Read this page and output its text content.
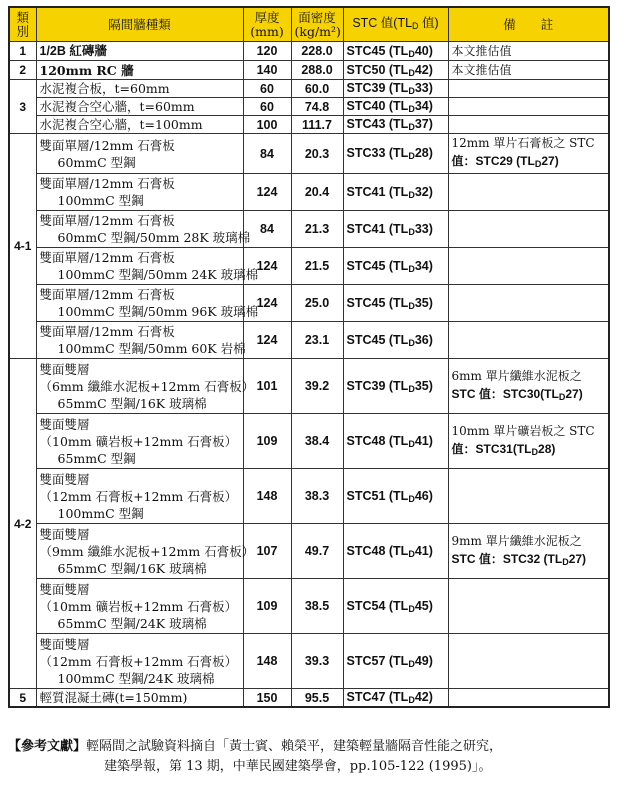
類
別	隔間牆種類	厚度
(mm)	面密度
(kg/m²)	STC 值($TL_D$ 值)	備　　註
1	1/2B 紅磚牆	120	228.0	STC45 $(TL_D40)$	本文推估值
2	120mm RC 牆	140	288.0	STC50 $(TL_D42)$	本文推估值
3	水泥複合板，t=60mm	60	60.0	STC39 $(TL_D33)$	

	水泥複合空心牆，t=60mm	60	74.8	STC40 $(TL_D34)$	

	水泥複合空心牆，t=100mm	100	111.7	STC43 $(TL_D37)$	
4-1	雙面單層/12mm 石膏板
60mmC 型鋼	84	20.3	STC33 $(TL_D28)$	12mm 單片石膏板之 STC
值：STC29 $(TL_D27)$

	雙面單層/12mm 石膏板
100mmC 型鋼	124	20.4	STC41 $(TL_D32)$	

	雙面單層/12mm 石膏板
60mmC 型鋼/50mm 28K 玻璃棉	84	21.3	STC41 $(TL_D33)$	

	雙面單層/12mm 石膏板
100mmC 型鋼/50mm 24K 玻璃棉	124	21.5	STC45 $(TL_D34)$	

	雙面單層/12mm 石膏板
100mmC 型鋼/50mm 96K 玻璃棉	124	25.0	STC45 $(TL_D35)$	

	雙面單層/12mm 石膏板
100mmC 型鋼/50mm 60K 岩棉	124	23.1	STC45 $(TL_D36)$	
4-2	雙面雙層
（6mm 纖維水泥板+12mm 石膏板）
65mmC 型鋼/16K 玻璃棉	101	39.2	STC39 $(TL_D35)$	6mm 單片纖維水泥板之
STC 值：$STC30(TL_D27)$

	雙面雙層
（10mm 礦岩板+12mm 石膏板）
65mmC 型鋼	109	38.4	STC48 $(TL_D41)$	10mm 單片礦岩板之 STC
值：$STC31(TL_D28)$

	雙面雙層
（12mm 石膏板+12mm 石膏板）
100mmC 型鋼	148	38.3	STC51 $(TL_D46)$	

	雙面雙層
（9mm 纖維水泥板+12mm 石膏板）
65mmC 型鋼/16K 玻璃棉	107	49.7	STC48 $(TL_D41)$	9mm 單片纖維水泥板之
STC 值：STC32 $(TL_D27)$

	雙面雙層
（10mm 礦岩板+12mm 石膏板）
65mmC 型鋼/24K 玻璃棉	109	38.5	STC54 $(TL_D45)$	

	雙面雙層
（12mm 石膏板+12mm 石膏板）
100mmC 型鋼/24K 玻璃棉	148	39.3	STC57 $(TL_D49)$	
5	輕質混凝土磚(t=150mm)	150	95.5	STC47 $(TL_D42)$	
【參考文獻】輕隔間之試驗資料摘自「黃士賓、賴榮平，建築輕量牆隔音性能之研究，
建築學報，第 13 期，中華民國建築學會，pp.105-122 (1995)」。
